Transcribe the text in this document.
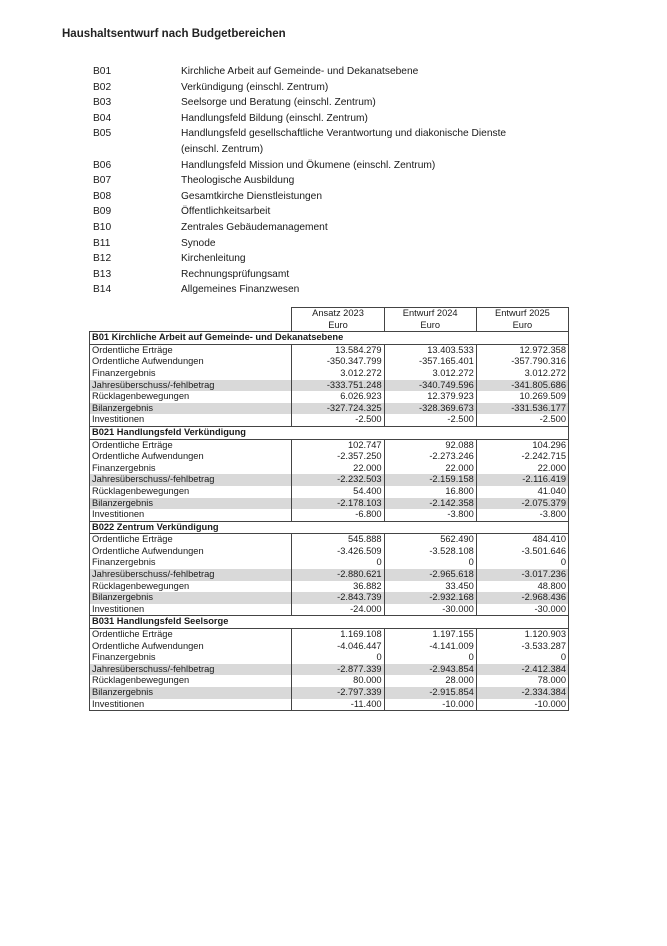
Haushaltsentwurf nach Budgetbereichen
B01	Kirchliche Arbeit auf Gemeinde- und Dekanatsebene
B02	Verkündigung (einschl. Zentrum)
B03	Seelsorge und Beratung (einschl. Zentrum)
B04	Handlungsfeld Bildung (einschl. Zentrum)
B05	Handlungsfeld gesellschaftliche Verantwortung und diakonische Dienste
(einschl. Zentrum)
B06	Handlungsfeld Mission und Ökumene (einschl. Zentrum)
B07	Theologische Ausbildung
B08	Gesamtkirche Dienstleistungen
B09	Öffentlichkeitsarbeit
B10	Zentrales Gebäudemanagement
B11	Synode
B12	Kirchenleitung
B13	Rechnungsprüfungsamt
B14	Allgemeines Finanzwesen
	Ansatz 2023	Entwurf 2024	Entwurf 2025
	Euro	Euro	Euro
B01 Kirchliche Arbeit auf Gemeinde- und Dekanatsebene			
Ordentliche Erträge	13.584.279	13.403.533	12.972.358
Ordentliche Aufwendungen	-350.347.799	-357.165.401	-357.790.316
Finanzergebnis	3.012.272	3.012.272	3.012.272
Jahresüberschuss/-fehlbetrag	-333.751.248	-340.749.596	-341.805.686
Rücklagenbewegungen	6.026.923	12.379.923	10.269.509
Bilanzergebnis	-327.724.325	-328.369.673	-331.536.177
Investitionen	-2.500	-2.500	-2.500
B021 Handlungsfeld Verkündigung			
Ordentliche Erträge	102.747	92.088	104.296
Ordentliche Aufwendungen	-2.357.250	-2.273.246	-2.242.715
Finanzergebnis	22.000	22.000	22.000
Jahresüberschuss/-fehlbetrag	-2.232.503	-2.159.158	-2.116.419
Rücklagenbewegungen	54.400	16.800	41.040
Bilanzergebnis	-2.178.103	-2.142.358	-2.075.379
Investitionen	-6.800	-3.800	-3.800
B022 Zentrum Verkündigung			
Ordentliche Erträge	545.888	562.490	484.410
Ordentliche Aufwendungen	-3.426.509	-3.528.108	-3.501.646
Finanzergebnis	0	0	0
Jahresüberschuss/-fehlbetrag	-2.880.621	-2.965.618	-3.017.236
Rücklagenbewegungen	36.882	33.450	48.800
Bilanzergebnis	-2.843.739	-2.932.168	-2.968.436
Investitionen	-24.000	-30.000	-30.000
B031 Handlungsfeld Seelsorge			
Ordentliche Erträge	1.169.108	1.197.155	1.120.903
Ordentliche Aufwendungen	-4.046.447	-4.141.009	-3.533.287
Finanzergebnis	0	0	0
Jahresüberschuss/-fehlbetrag	-2.877.339	-2.943.854	-2.412.384
Rücklagenbewegungen	80.000	28.000	78.000
Bilanzergebnis	-2.797.339	-2.915.854	-2.334.384
Investitionen	-11.400	-10.000	-10.000
